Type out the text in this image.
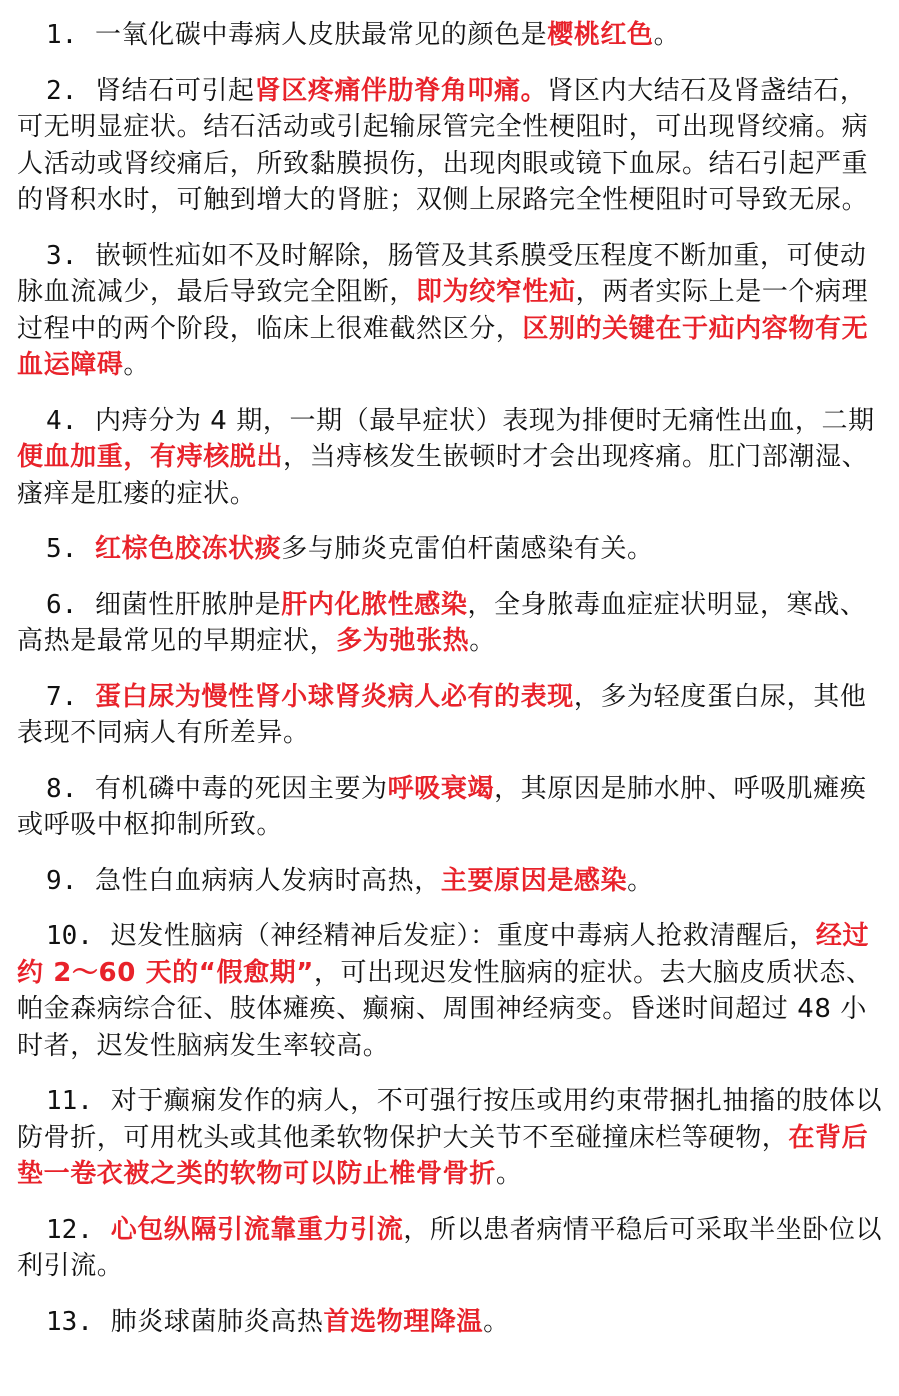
1. 一氧化碳中毒病人皮肤最常见的颜色是樱桃红色。

2. 肾结石可引起肾区疼痛伴肋脊角叩痛。肾区内大结石及肾盏结石，可无明显症状。结石活动或引起输尿管完全性梗阻时，可出现肾绞痛。病人活动或肾绞痛后，所致黏膜损伤，出现肉眼或镜下血尿。结石引起严重的肾积水时，可触到增大的肾脏；双侧上尿路完全性梗阻时可导致无尿。

3. 嵌顿性疝如不及时解除，肠管及其系膜受压程度不断加重，可使动脉血流减少，最后导致完全阻断，即为绞窄性疝，两者实际上是一个病理过程中的两个阶段，临床上很难截然区分，区别的关键在于疝内容物有无血运障碍。

4. 内痔分为 4 期，一期（最早症状）表现为排便时无痛性出血，二期便血加重，有痔核脱出，当痔核发生嵌顿时才会出现疼痛。肛门部潮湿、瘙痒是肛瘘的症状。

5. 红棕色胶冻状痰多与肺炎克雷伯杆菌感染有关。

6. 细菌性肝脓肿是肝内化脓性感染，全身脓毒血症症状明显，寒战、高热是最常见的早期症状，多为弛张热。

7. 蛋白尿为慢性肾小球肾炎病人必有的表现，多为轻度蛋白尿，其他表现不同病人有所差异。

8. 有机磷中毒的死因主要为呼吸衰竭，其原因是肺水肿、呼吸肌瘫痪或呼吸中枢抑制所致。

9. 急性白血病病人发病时高热，主要原因是感染。

10. 迟发性脑病（神经精神后发症）：重度中毒病人抢救清醒后，经过约 2～60 天的“假愈期”，可出现迟发性脑病的症状。去大脑皮质状态、帕金森病综合征、肢体瘫痪、癫痫、周围神经病变。昏迷时间超过 48 小时者，迟发性脑病发生率较高。

11. 对于癫痫发作的病人，不可强行按压或用约束带捆扎抽搐的肢体以防骨折，可用枕头或其他柔软物保护大关节不至碰撞床栏等硬物，在背后垫一卷衣被之类的软物可以防止椎骨骨折。

12. 心包纵隔引流靠重力引流，所以患者病情平稳后可采取半坐卧位以利引流。

13. 肺炎球菌肺炎高热首选物理降温。
